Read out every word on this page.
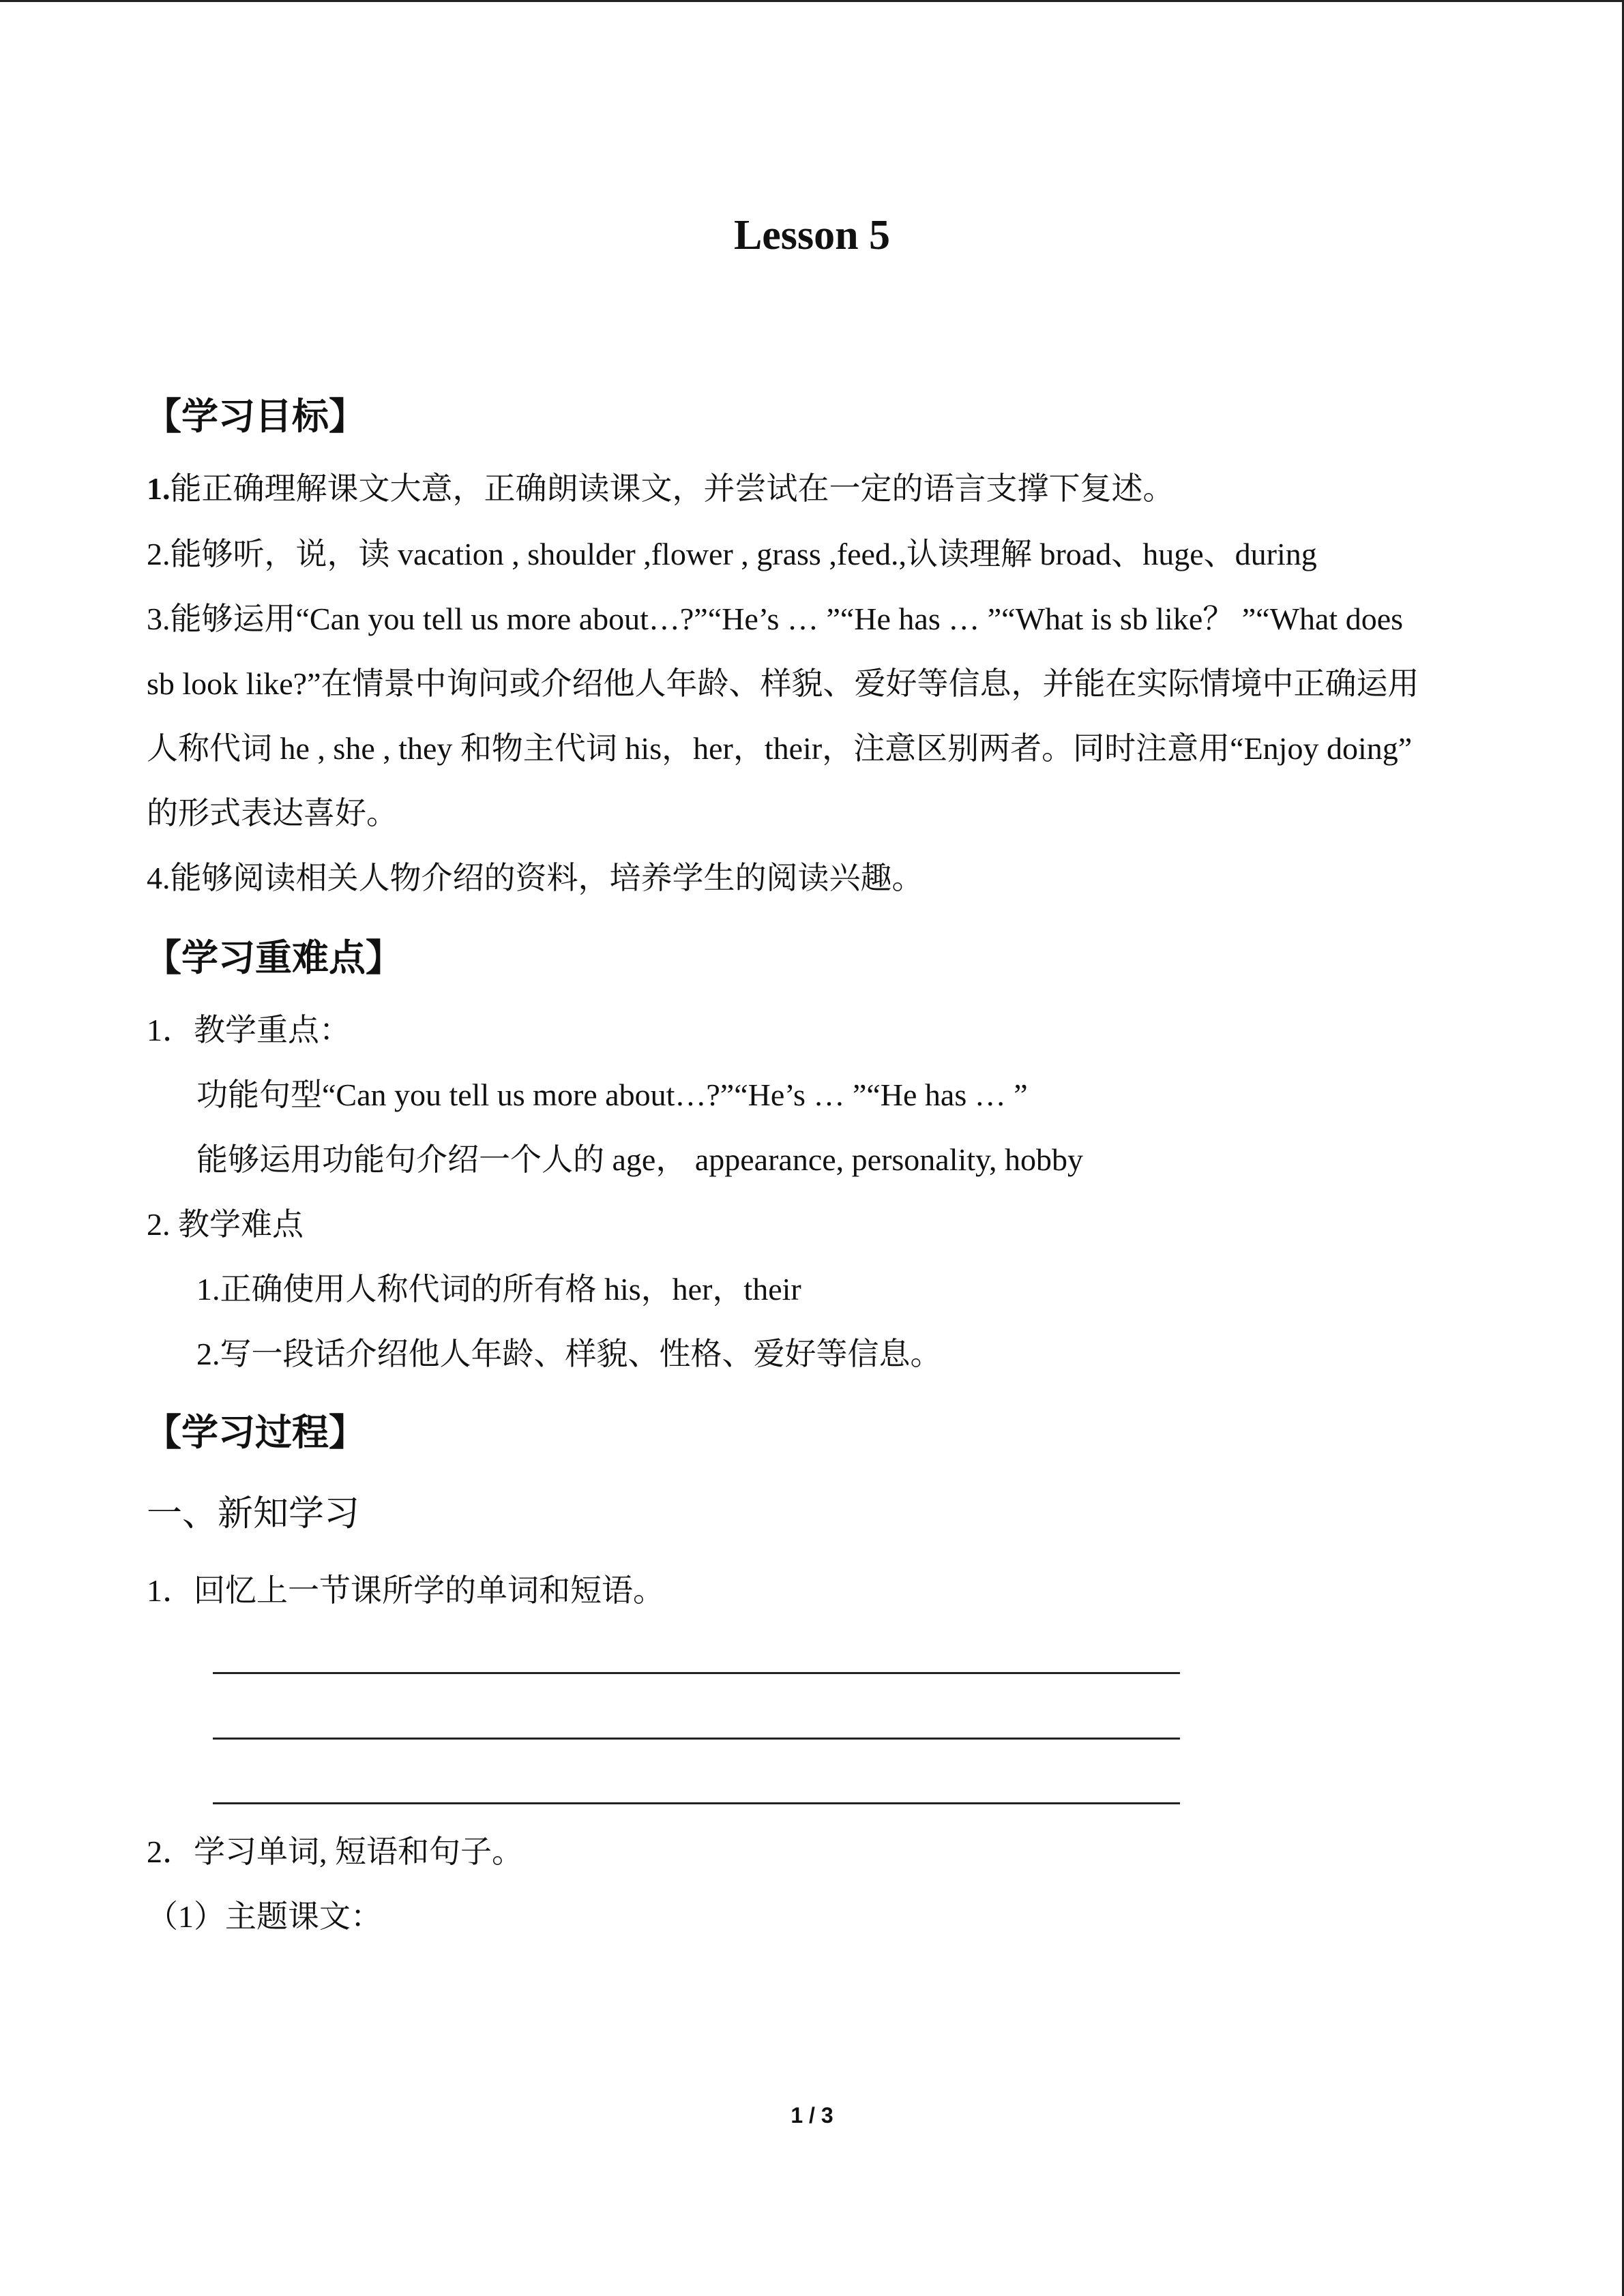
Lesson 5
【学习目标】
1.能正确理解课文大意，正确朗读课文，并尝试在一定的语言支撑下复述。
2.能够听，说，读 vacation , shoulder ,flower , grass ,feed.,认读理解 broad、huge、during
3.能够运用“Can you tell us more about…?”“He’s … ”“He has … ”“What is sb like？ ”“What does
sb look like?”在情景中询问或介绍他人年龄、样貌、爱好等信息，并能在实际情境中正确运用
人称代词 he , she , they 和物主代词 his，her，their，注意区别两者。同时注意用“Enjoy doing”
的形式表达喜好。
4.能够阅读相关人物介绍的资料，培养学生的阅读兴趣。
【学习重难点】
1．教学重点：
功能句型“Can you tell us more about…?”“He’s … ”“He has … ”
能够运用功能句介绍一个人的 age， appearance, personality, hobby
2. 教学难点
1.正确使用人称代词的所有格 his，her，their
2.写一段话介绍他人年龄、样貌、性格、爱好等信息。
【学习过程】
一、新知学习
1．回忆上一节课所学的单词和短语。
2．学习单词, 短语和句子。
（1）主题课文：
1 / 3
